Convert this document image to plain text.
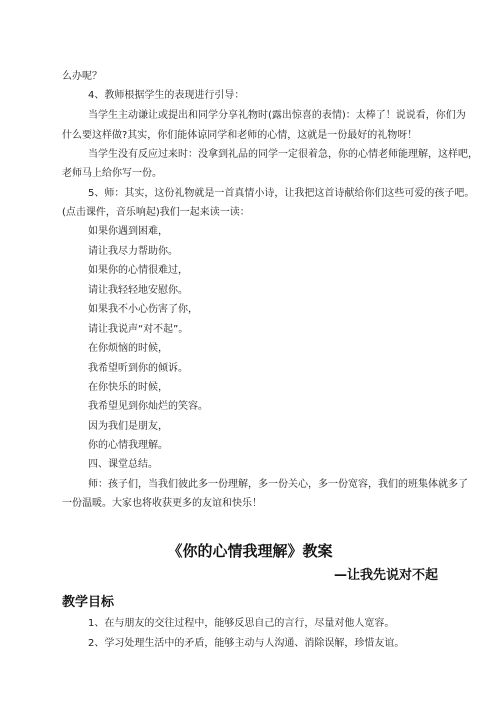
么办呢？
4、教师根据学生的表现进行引导：
当学生主动谦让或提出和同学分享礼物时(露出惊喜的表情)：太棒了！说说看，你们为
什么要这样做?其实，你们能体谅同学和老师的心情，这就是一份最好的礼物呀！
当学生没有反应过来时：没拿到礼品的同学一定很着急，你的心情老师能理解，这样吧，
老师马上给你写一份。
5、师：其实，这份礼物就是一首真情小诗，让我把这首诗献给你们这些可爱的孩子吧。
(点击课件，音乐响起)我们一起来读一读：
如果你遇到困难，
请让我尽力帮助你。
如果你的心情很难过，
请让我轻轻地安慰你。
如果我不小心伤害了你，
请让我说声“对不起”。
在你烦恼的时候，
我希望听到你的倾诉。
在你快乐的时候，
我希望见到你灿烂的笑容。
因为我们是朋友，
你的心情我理解。
四、课堂总结。
师：孩子们，当我们彼此多一份理解，多一份关心，多一份宽容，我们的班集体就多了
一份温暖。大家也将收获更多的友谊和快乐！
《你的心情我理解》教案
—让我先说对不起
教学目标
1、在与朋友的交往过程中，能够反思自己的言行，尽量对他人宽容。
2、学习处理生活中的矛盾，能够主动与人沟通、消除误解，珍惜友谊。
